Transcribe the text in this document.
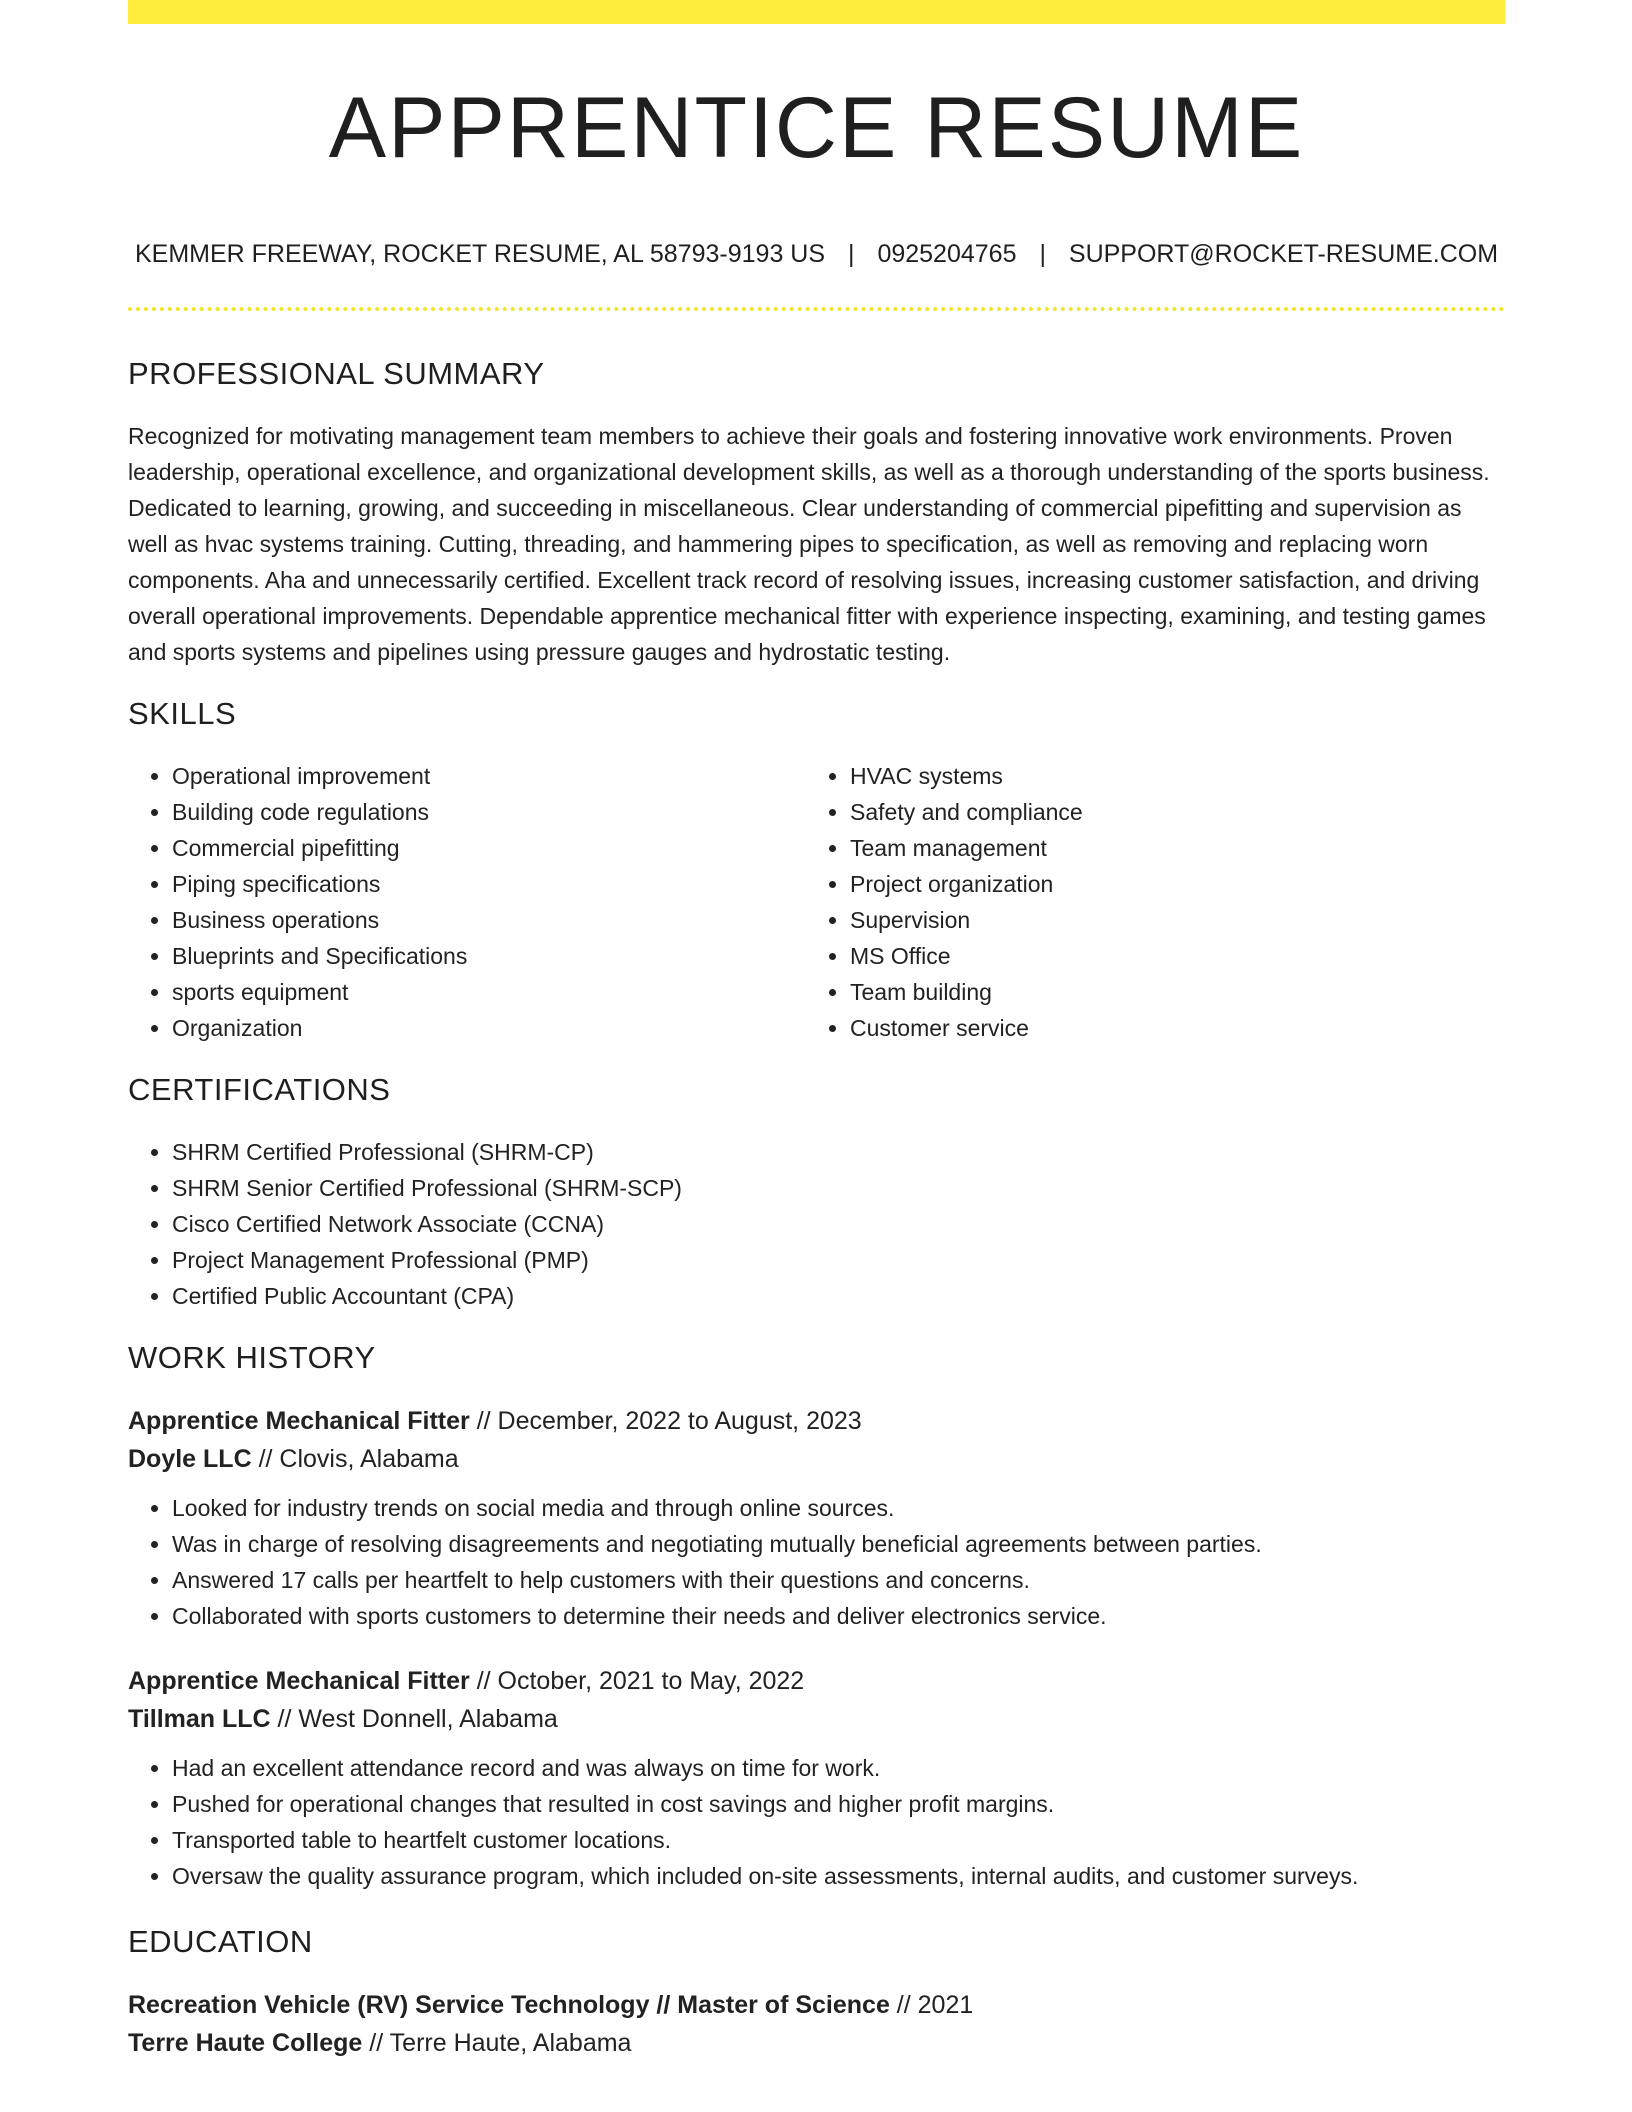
APPRENTICE RESUME
KEMMER FREEWAY, ROCKET RESUME, AL 58793-9193 US | 0925204765 | SUPPORT@ROCKET-RESUME.COM
PROFESSIONAL SUMMARY

Recognized for motivating management team members to achieve their goals and fostering innovative work environments. Proven leadership, operational excellence, and organizational development skills, as well as a thorough understanding of the sports business. Dedicated to learning, growing, and succeeding in miscellaneous. Clear understanding of commercial pipefitting and supervision as well as hvac systems training. Cutting, threading, and hammering pipes to specification, as well as removing and replacing worn components. Aha and unnecessarily certified. Excellent track record of resolving issues, increasing customer satisfaction, and driving overall operational improvements. Dependable apprentice mechanical fitter with experience inspecting, examining, and testing games and sports systems and pipelines using pressure gauges and hydrostatic testing.

SKILLS
• Operational improvement
• Building code regulations
• Commercial pipefitting
• Piping specifications
• Business operations
• Blueprints and Specifications
• sports equipment
• Organization
• HVAC systems
• Safety and compliance
• Team management
• Project organization
• Supervision
• MS Office
• Team building
• Customer service
CERTIFICATIONS
• SHRM Certified Professional (SHRM-CP)
• SHRM Senior Certified Professional (SHRM-SCP)
• Cisco Certified Network Associate (CCNA)
• Project Management Professional (PMP)
• Certified Public Accountant (CPA)
WORK HISTORY

Apprentice Mechanical Fitter // December, 2022 to August, 2023

Doyle LLC // Clovis, Alabama

• Looked for industry trends on social media and through online sources.
• Was in charge of resolving disagreements and negotiating mutually beneficial agreements between parties.
• Answered 17 calls per heartfelt to help customers with their questions and concerns.
• Collaborated with sports customers to determine their needs and deliver electronics service.

Apprentice Mechanical Fitter // October, 2021 to May, 2022

Tillman LLC // West Donnell, Alabama

• Had an excellent attendance record and was always on time for work.
• Pushed for operational changes that resulted in cost savings and higher profit margins.
• Transported table to heartfelt customer locations.
• Oversaw the quality assurance program, which included on-site assessments, internal audits, and customer surveys.
EDUCATION

Recreation Vehicle (RV) Service Technology // Master of Science // 2021

Terre Haute College // Terre Haute, Alabama
